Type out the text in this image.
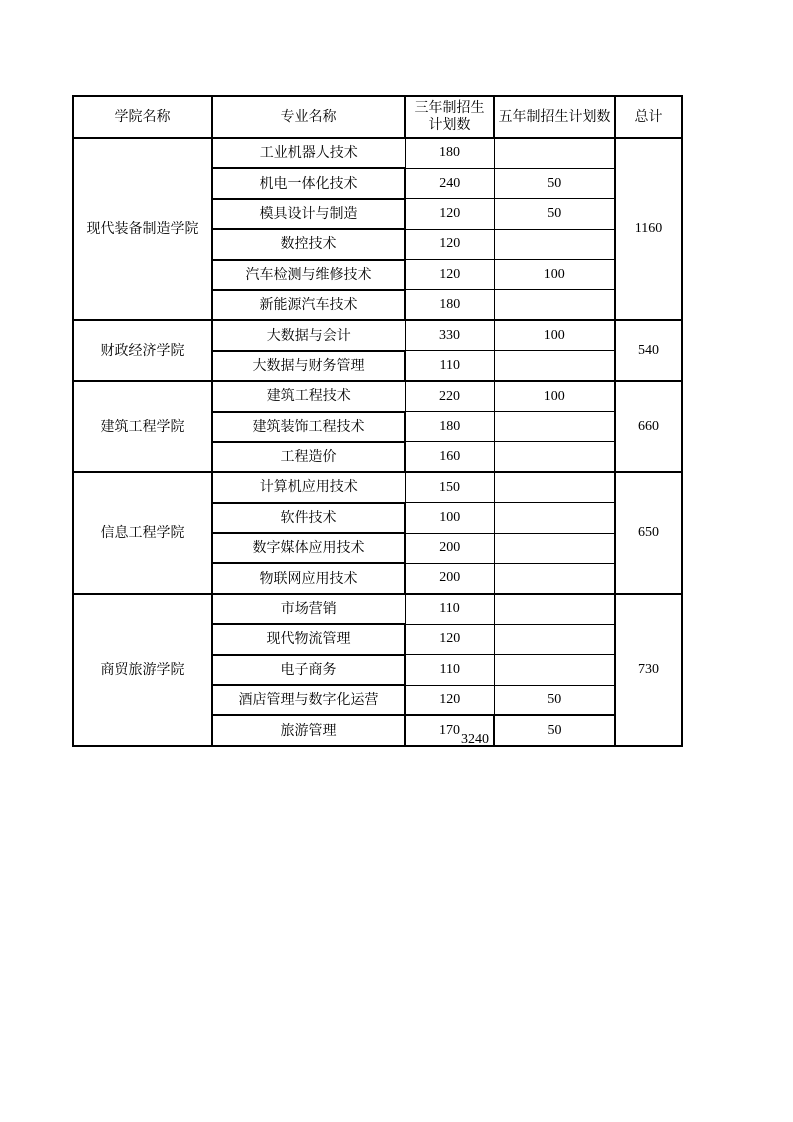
学院名称	专业名称	三年制招生计划数	五年制招生计划数	总计
现代装备制造学院	工业机器人技术	180		1160
	机电一体化技术	240	50	
	模具设计与制造	120	50	
	数控技术	120		
	汽车检测与维修技术	120	100	
	新能源汽车技术	180		
财政经济学院	大数据与会计	330	100	540
	大数据与财务管理	110		
建筑工程学院	建筑工程技术	220	100	660
	建筑装饰工程技术	180		
	工程造价	160		
信息工程学院	计算机应用技术	150		650
	软件技术	100		
	数字媒体应用技术	200		
	物联网应用技术	200		
商贸旅游学院	市场营销	110		730
	现代物流管理	120		
	电子商务	110		
	酒店管理与数字化运营	120	50	
	旅游管理	170	50	
3240
